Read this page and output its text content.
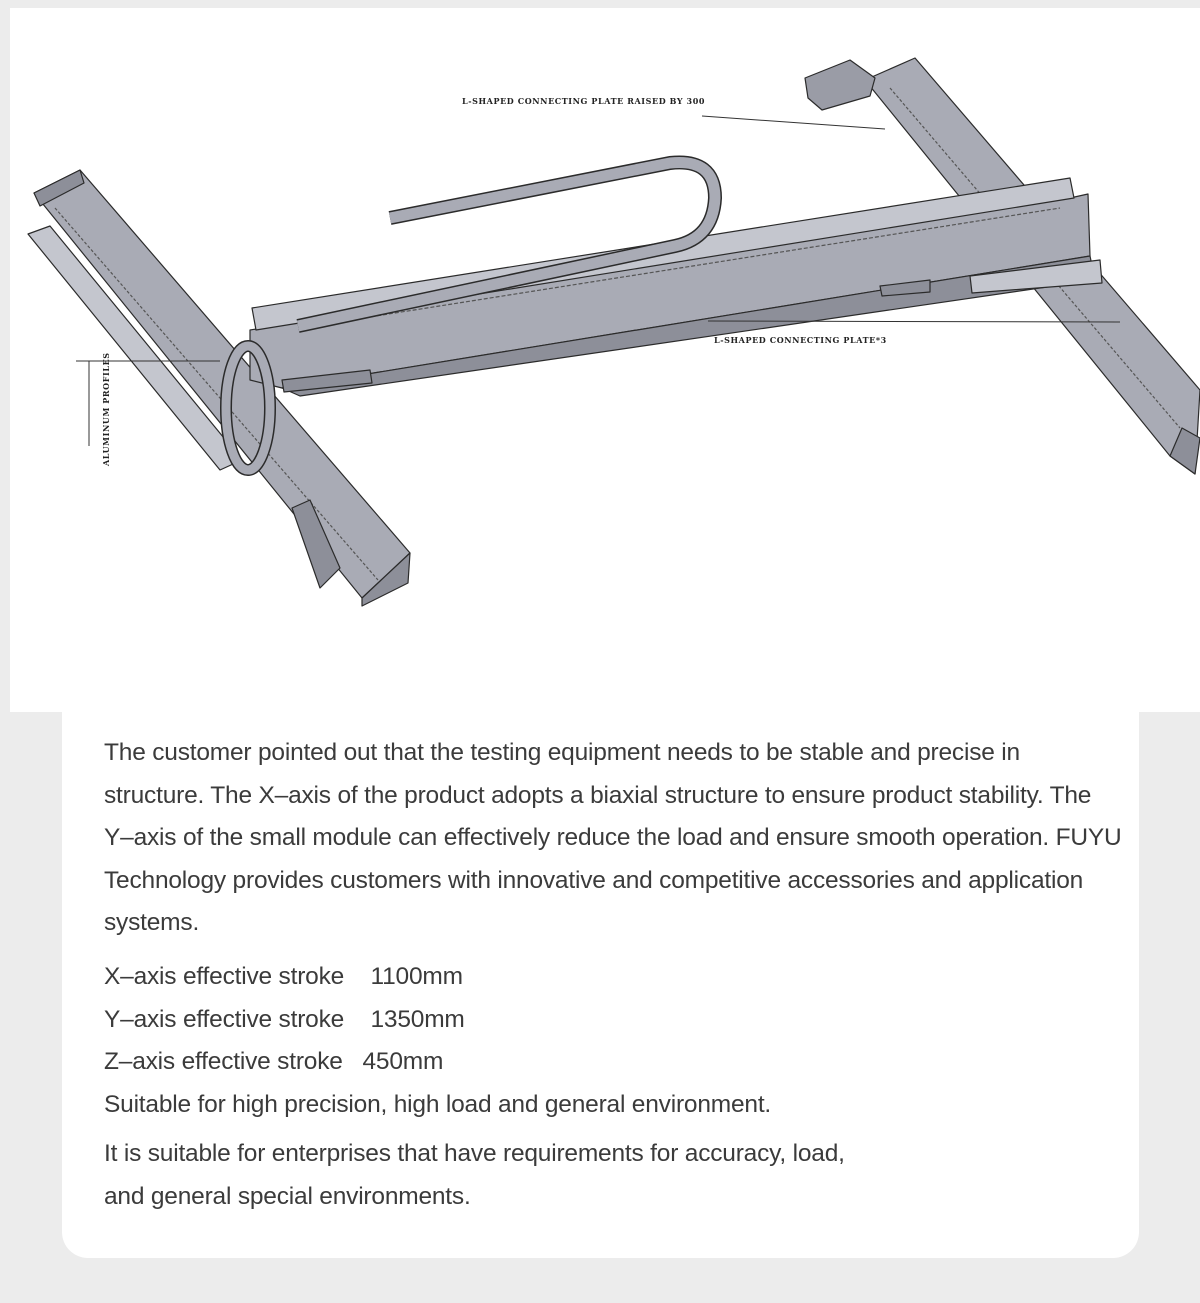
L-SHAPED CONNECTING PLATE RAISED BY 300

L-SHAPED CONNECTING PLATE*3

ALUMINUM PROFILES

The customer pointed out that the testing equipment needs to be stable and precise in structure. The X–axis of the product adopts a biaxial structure to ensure product stability. The Y–axis of the small module can effectively reduce the load and ensure smooth operation. FUYU Technology provides customers with innovative and competitive accessories and application systems.

X–axis effective stroke    1100mm
Y–axis effective stroke    1350mm
Z–axis effective stroke   450mm

Suitable for high precision, high load and general environment.

It is suitable for enterprises that have requirements for accuracy, load, and general special environments.
